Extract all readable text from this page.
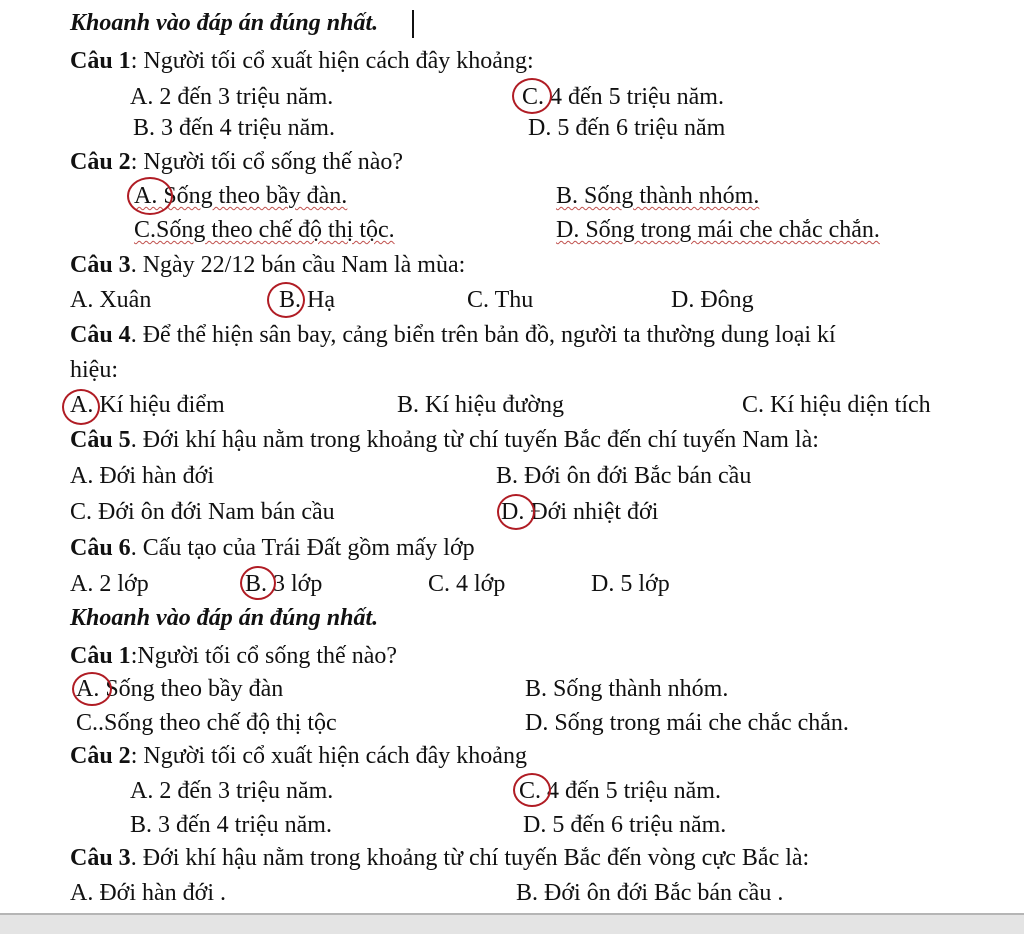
Khoanh vào đáp án đúng nhất.
Câu 1: Người tối cổ xuất hiện cách đây khoảng:
A. 2 đến 3 triệu năm.	C. 4 đến 5 triệu năm.
B. 3 đến 4 triệu năm.	D. 5 đến 6 triệu năm
Câu 2: Người tối cổ sống thế nào?
A. Sống theo bầy đàn.	B. Sống thành nhóm.
C.Sống theo chế độ thị tộc.	D. Sống trong mái che chắc chắn.
Câu 3. Ngày 22/12 bán cầu Nam là mùa:
A. Xuân	B. Hạ	C. Thu	D. Đông
Câu 4. Để thể hiện sân bay, cảng biển trên bản đồ, người ta thường dung loại kí
hiệu:
A. Kí hiệu điểm	B. Kí hiệu đường	C. Kí hiệu diện tích
Câu 5. Đới khí hậu nằm trong khoảng từ chí tuyến Bắc đến chí tuyến Nam là:
A. Đới hàn đới	B. Đới ôn đới Bắc bán cầu
C. Đới ôn đới Nam bán cầu	D. Đới nhiệt đới
Câu 6. Cấu tạo của Trái Đất gồm mấy lớp
A. 2 lớp	B. 3 lớp	C. 4 lớp	D. 5 lớp
Khoanh vào đáp án đúng nhất.
Câu 1:Người tối cổ sống thế nào?
A. Sống theo bầy đàn	B. Sống thành nhóm.
C..Sống theo chế độ thị tộc	D. Sống trong mái che chắc chắn.
Câu 2: Người tối cổ xuất hiện cách đây khoảng
A. 2 đến 3 triệu năm.	C. 4 đến 5 triệu năm.
B. 3 đến 4 triệu năm.	D. 5 đến 6 triệu năm.
Câu 3. Đới khí hậu nằm trong khoảng từ chí tuyến Bắc đến vòng cực Bắc là:
A. Đới hàn đới .	B. Đới ôn đới Bắc bán cầu .
